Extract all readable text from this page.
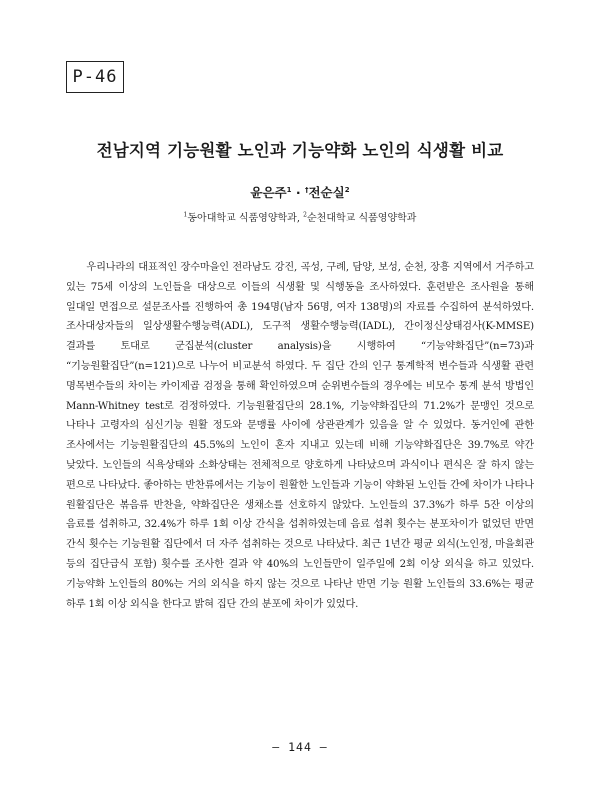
P-46
전남지역 기능원활 노인과 기능약화 노인의 식생활 비교
윤은주$^1$ · †전순실$^2$
$^1$동아대학교 식품영양학과, $^2$순천대학교 식품영양학과

우리나라의 대표적인 장수마을인 전라남도 강진, 곡성, 구례, 담양, 보성, 순천, 장흥 지역에서 거주하고 있는 75세 이상의 노인들을 대상으로 이들의 식생활 및 식행동을 조사하였다. 훈련받은 조사원을 통해 일대일 면접으로 설문조사를 진행하여 총 194명(남자 56명, 여자 138명)의 자료를 수집하여 분석하였다. 조사대상자들의 일상생활수행능력(ADL), 도구적 생활수행능력(IADL), 간이정신상태검사(K-MMSE) 결과를 토대로 군집분석(cluster analysis)을 시행하여 “기능약화집단”(n=73)과 “기능원활집단”(n=121)으로 나누어 비교분석 하였다. 두 집단 간의 인구 통계학적 변수들과 식생활 관련 명목변수들의 차이는 카이제곱 검정을 통해 확인하였으며 순위변수들의 경우에는 비모수 통계 분석 방법인 Mann-Whitney test로 검정하였다. 기능원활집단의 28.1%, 기능약화집단의 71.2%가 문맹인 것으로 나타나 고령자의 심신기능 원활 정도와 문맹률 사이에 상관관계가 있음을 알 수 있었다. 동거인에 관한 조사에서는 기능원활집단의 45.5%의 노인이 혼자 지내고 있는데 비해 기능약화집단은 39.7%로 약간 낮았다. 노인들의 식욕상태와 소화상태는 전체적으로 양호하게 나타났으며 과식이나 편식은 잘 하지 않는 편으로 나타났다. 좋아하는 반찬류에서는 기능이 원활한 노인들과 기능이 약화된 노인들 간에 차이가 나타나 원활집단은 볶음류 반찬을, 약화집단은 생채소를 선호하지 않았다. 노인들의 37.3%가 하루 5잔 이상의 음료를 섭취하고, 32.4%가 하루 1회 이상 간식을 섭취하였는데 음료 섭취 횟수는 분포차이가 없었던 반면 간식 횟수는 기능원활 집단에서 더 자주 섭취하는 것으로 나타났다. 최근 1년간 평균 외식(노인정, 마을회관 등의 집단급식 포함) 횟수를 조사한 결과 약 40%의 노인들만이 일주일에 2회 이상 외식을 하고 있었다. 기능약화 노인들의 80%는 거의 외식을 하지 않는 것으로 나타난 반면 기능 원활 노인들의 33.6%는 평균 하루 1회 이상 외식을 한다고 밝혀 집단 간의 분포에 차이가 있었다.

– 144 –
